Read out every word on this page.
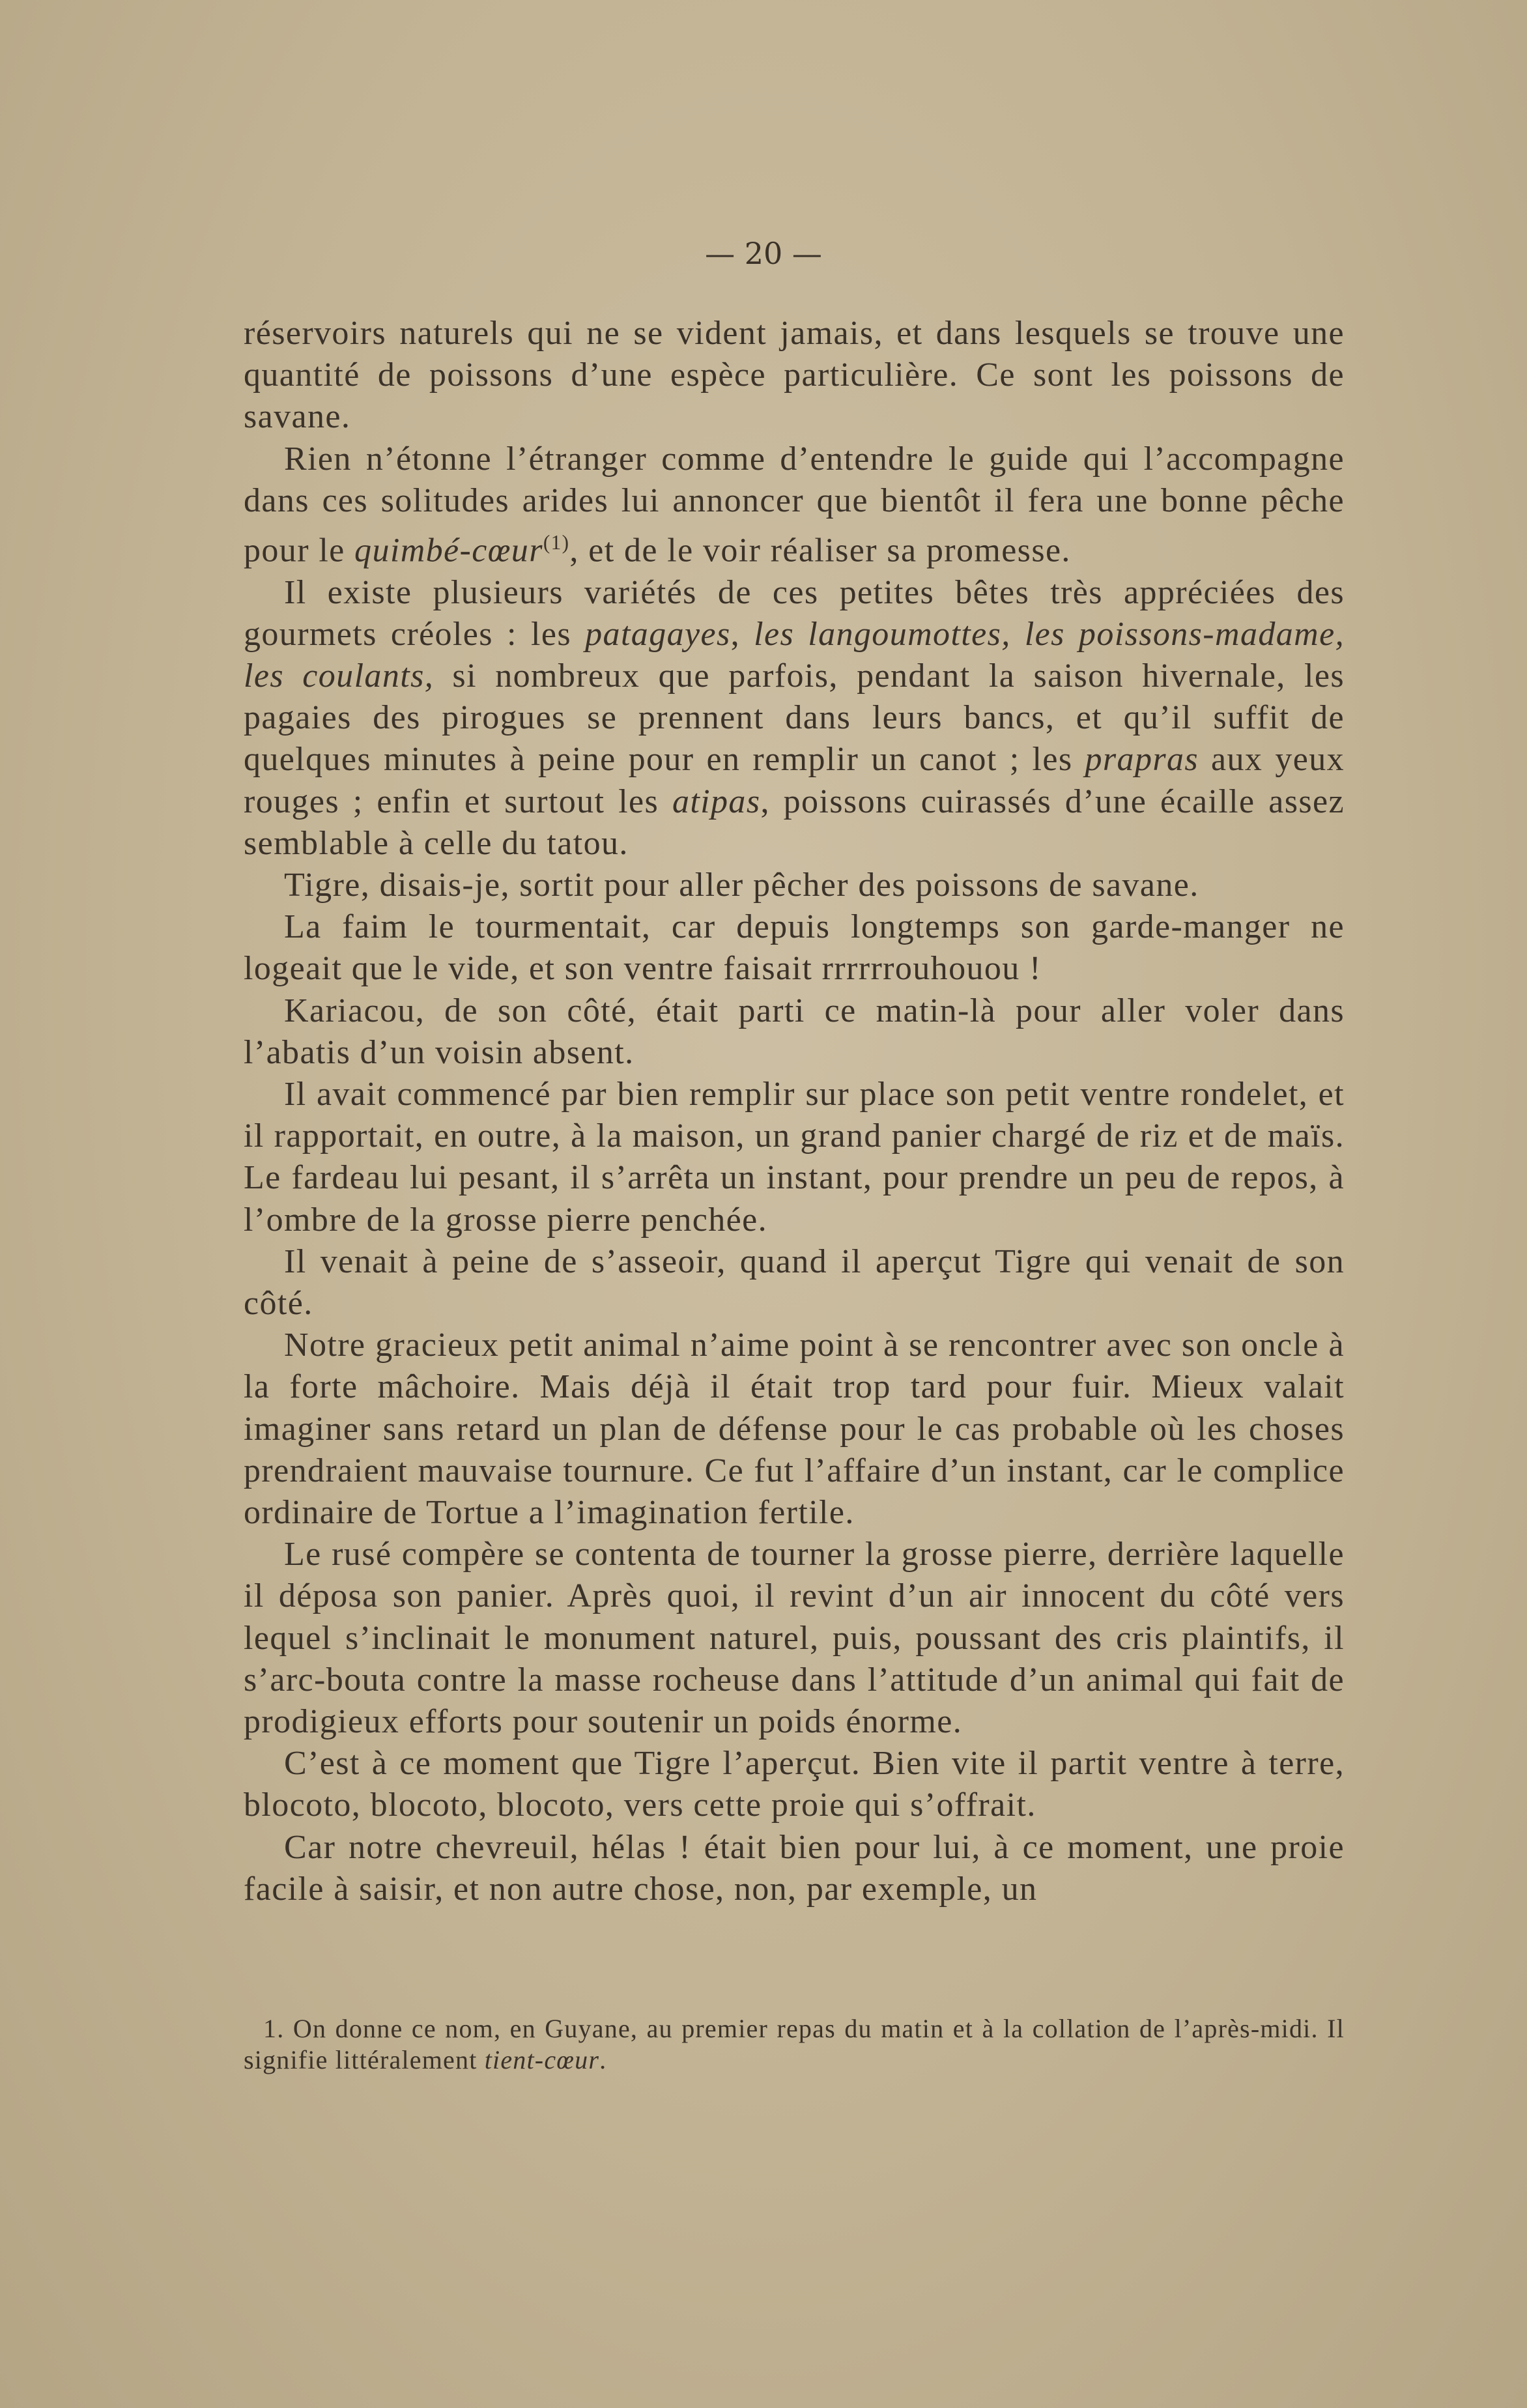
— 20 —

réservoirs naturels qui ne se vident jamais, et dans lesquels se trouve une quantité de poissons d’une espèce particulière. Ce sont les poissons de savane.

Rien n’étonne l’étranger comme d’entendre le guide qui l’accompagne dans ces solitudes arides lui annoncer que bientôt il fera une bonne pêche pour le quimbé-cœur$^{(1)}$, et de le voir réaliser sa promesse.

Il existe plusieurs variétés de ces petites bêtes très appréciées des gourmets créoles : les patagayes, les langoumottes, les poissons-madame, les coulants, si nombreux que parfois, pendant la saison hivernale, les pagaies des pirogues se prennent dans leurs bancs, et qu’il suffit de quelques minutes à peine pour en remplir un canot ; les prapras aux yeux rouges ; enfin et surtout les atipas, poissons cuirassés d’une écaille assez semblable à celle du tatou.

Tigre, disais-je, sortit pour aller pêcher des poissons de savane.

La faim le tourmentait, car depuis longtemps son garde-manger ne logeait que le vide, et son ventre faisait rrrrrrouhouou !

Kariacou, de son côté, était parti ce matin-là pour aller voler dans l’abatis d’un voisin absent.

Il avait commencé par bien remplir sur place son petit ventre rondelet, et il rapportait, en outre, à la maison, un grand panier chargé de riz et de maïs. Le fardeau lui pesant, il s’arrêta un instant, pour prendre un peu de repos, à l’ombre de la grosse pierre penchée.

Il venait à peine de s’asseoir, quand il aperçut Tigre qui venait de son côté.

Notre gracieux petit animal n’aime point à se rencontrer avec son oncle à la forte mâchoire. Mais déjà il était trop tard pour fuir. Mieux valait imaginer sans retard un plan de défense pour le cas probable où les choses prendraient mauvaise tournure. Ce fut l’affaire d’un instant, car le complice ordinaire de Tortue a l’imagination fertile.

Le rusé compère se contenta de tourner la grosse pierre, derrière laquelle il déposa son panier. Après quoi, il revint d’un air innocent du côté vers lequel s’inclinait le monument naturel, puis, poussant des cris plaintifs, il s’arc-bouta contre la masse rocheuse dans l’attitude d’un animal qui fait de prodigieux efforts pour soutenir un poids énorme.

C’est à ce moment que Tigre l’aperçut. Bien vite il partit ventre à terre, blocoto, blocoto, blocoto, vers cette proie qui s’offrait.

Car notre chevreuil, hélas ! était bien pour lui, à ce moment, une proie facile à saisir, et non autre chose, non, par exemple, un

1. On donne ce nom, en Guyane, au premier repas du matin et à la collation de l’après-midi. Il signifie littéralement tient-cœur.
